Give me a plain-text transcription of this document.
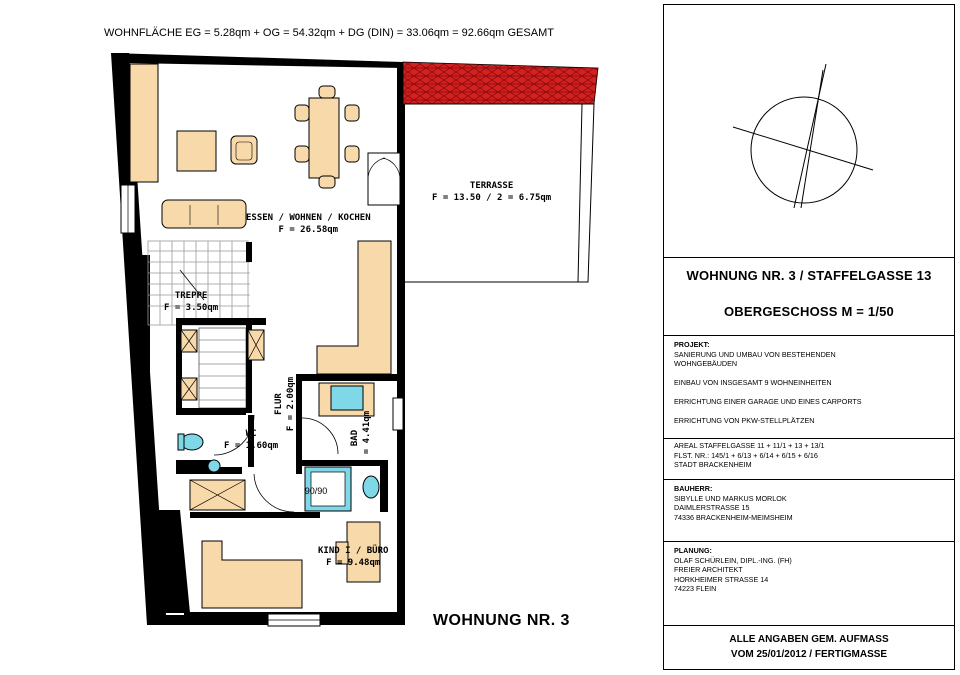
WOHNFLÄCHE EG = 5.28qm + OG = 54.32qm + DG (DIN) = 33.06qm = 92.66qm GESAMT
ESSEN / WOHNEN / KOCHEN
F = 26.58qm
TERRASSE
F = 13.50 / 2 = 6.75qm
TREPPE
F = 3.50qm
WC
F = 1.60qm
KIND I / BÜRO
F = 9.48qm
90/90
FLUR F = 2.00qm
BAD F = 4.41qm
WOHNUNG NR. 3
WOHNUNG NR. 3 / STAFFELGASSE 13
OBERGESCHOSS M = 1/50
PROJEKT:
SANIERUNG UND UMBAU VON BESTEHENDEN
WOHNGEBÄUDEN

EINBAU VON INSGESAMT 9 WOHNEINHEITEN

ERRICHTUNG EINER GARAGE UND EINES CARPORTS

ERRICHTUNG VON PKW-STELLPLÄTZEN
AREAL STAFFELGASSE 11 + 11/1 + 13 + 13/1
FLST. NR.: 145/1 + 6/13 + 6/14 + 6/15 + 6/16
STADT BRACKENHEIM
BAUHERR:
SIBYLLE UND MARKUS MORLOK
DAIMLERSTRASSE 15
74336 BRACKENHEIM-MEIMSHEIM
PLANUNG:
OLAF SCHÜRLEIN, DIPL.-ING. (FH)
FREIER ARCHITEKT
HORKHEIMER STRASSE 14
74223 FLEIN
ALLE ANGABEN GEM. AUFMASS
VOM 25/01/2012 / FERTIGMASSE
